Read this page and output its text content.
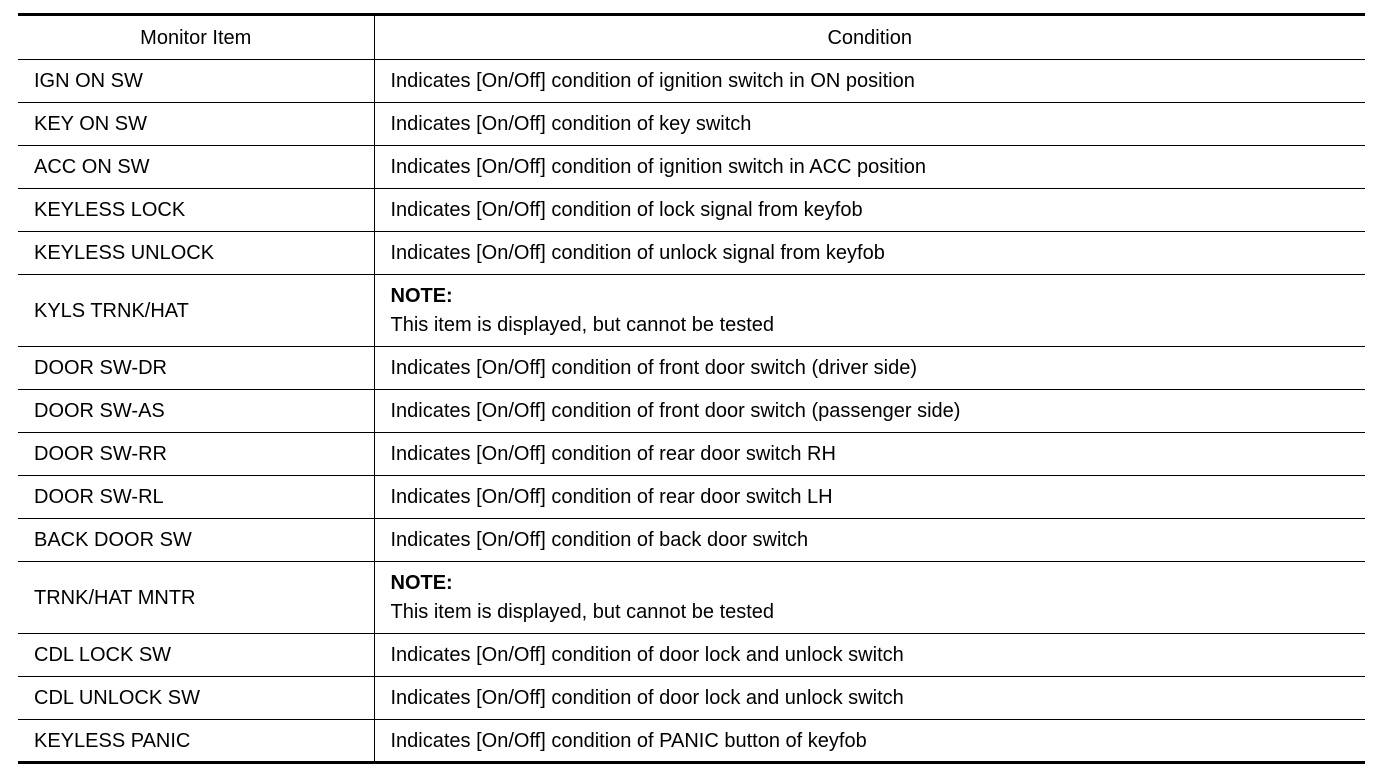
Monitor Item	Condition
IGN ON SW	Indicates [On/Off] condition of ignition switch in ON position
KEY ON SW	Indicates [On/Off] condition of key switch
ACC ON SW	Indicates [On/Off] condition of ignition switch in ACC position
KEYLESS LOCK	Indicates [On/Off] condition of lock signal from keyfob
KEYLESS UNLOCK	Indicates [On/Off] condition of unlock signal from keyfob
KYLS TRNK/HAT	NOTE:
This item is displayed, but cannot be tested

DOOR SW-DR	Indicates [On/Off] condition of front door switch (driver side)
DOOR SW-AS	Indicates [On/Off] condition of front door switch (passenger side)
DOOR SW-RR	Indicates [On/Off] condition of rear door switch RH
DOOR SW-RL	Indicates [On/Off] condition of rear door switch LH
BACK DOOR SW	Indicates [On/Off] condition of back door switch
TRNK/HAT MNTR	NOTE:
This item is displayed, but cannot be tested

CDL LOCK SW	Indicates [On/Off] condition of door lock and unlock switch
CDL UNLOCK SW	Indicates [On/Off] condition of door lock and unlock switch
KEYLESS PANIC	Indicates [On/Off] condition of PANIC button of keyfob
